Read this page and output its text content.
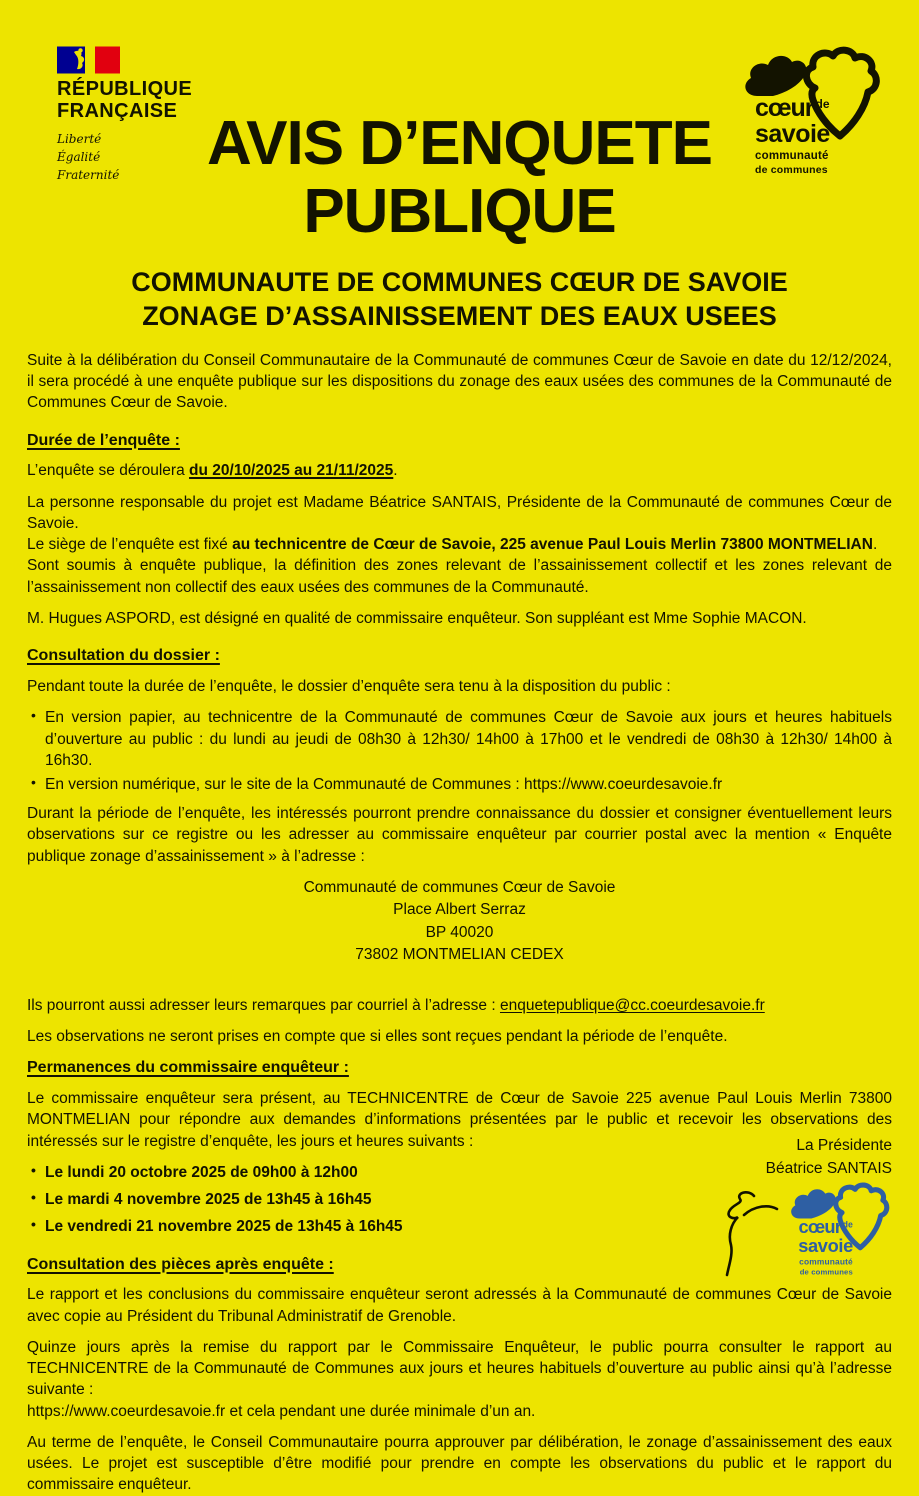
RÉPUBLIQUE
FRANÇAISE
Liberté
Égalité
Fraternité
cœur $^{de}$
savoie
communauté
de communes
AVIS D’ENQUETE
PUBLIQUE
COMMUNAUTE DE COMMUNES CŒUR DE SAVOIE
ZONAGE D’ASSAINISSEMENT DES EAUX USEES

Suite à la délibération du Conseil Communautaire de la Communauté de communes Cœur de Savoie en date du 12/12/2024, il sera procédé à une enquête publique sur les dispositions du zonage des eaux usées des communes de la Communauté de Communes Cœur de Savoie.

Durée de l’enquête :

L’enquête se déroulera du 20/10/2025 au 21/11/2025.

La personne responsable du projet est Madame Béatrice SANTAIS, Présidente de la Communauté de communes Cœur de Savoie.

Le siège de l’enquête est fixé au technicentre de Cœur de Savoie, 225 avenue Paul Louis Merlin 73800 MONTMELIAN.

Sont soumis à enquête publique, la définition des zones relevant de l’assainissement collectif et les zones relevant de l’assainissement non collectif des eaux usées des communes de la Communauté.

M. Hugues ASPORD, est désigné en qualité de commissaire enquêteur. Son suppléant est Mme Sophie MACON.

Consultation du dossier :

Pendant toute la durée de l’enquête, le dossier d’enquête sera tenu à la disposition du public :

• En version papier, au technicentre de la Communauté de communes Cœur de Savoie aux jours et heures habituels d’ouverture au public : du lundi au jeudi de 08h30 à 12h30/ 14h00 à 17h00 et le vendredi de 08h30 à 12h30/ 14h00 à 16h30.
• En version numérique, sur le site de la Communauté de Communes : https://www.coeurdesavoie.fr

Durant la période de l’enquête, les intéressés pourront prendre connaissance du dossier et consigner éventuellement leurs observations sur ce registre ou les adresser au commissaire enquêteur par courrier postal avec la mention « Enquête publique zonage d’assainissement » à l’adresse :

Communauté de communes Cœur de Savoie
Place Albert Serraz
BP 40020
73802 MONTMELIAN CEDEX

Ils pourront aussi adresser leurs remarques par courriel à l’adresse : enquetepublique@cc.coeurdesavoie.fr

Les observations ne seront prises en compte que si elles sont reçues pendant la période de l’enquête.

Permanences du commissaire enquêteur :

Le commissaire enquêteur sera présent, au TECHNICENTRE de Cœur de Savoie 225 avenue Paul Louis Merlin 73800 MONTMELIAN pour répondre aux demandes d’informations présentées par le public et recevoir les observations des intéressés sur le registre d’enquête, les jours et heures suivants :

• Le lundi 20 octobre 2025 de 09h00 à 12h00
• Le mardi 4 novembre 2025 de 13h45 à 16h45
• Le vendredi 21 novembre 2025 de 13h45 à 16h45
Consultation des pièces après enquête :

Le rapport et les conclusions du commissaire enquêteur seront adressés à la Communauté de communes Cœur de Savoie avec copie au Président du Tribunal Administratif de Grenoble.

Quinze jours après la remise du rapport par le Commissaire Enquêteur, le public pourra consulter le rapport au TECHNICENTRE de la Communauté de Communes aux jours et heures habituels d’ouverture au public ainsi qu’à l’adresse suivante :
https://www.coeurdesavoie.fr et cela pendant une durée minimale d’un an.

Au terme de l’enquête, le Conseil Communautaire pourra approuver par délibération, le zonage d’assainissement des eaux usées. Le projet est susceptible d’être modifié pour prendre en compte les observations du public et le rapport du commissaire enquêteur.

La Présidente
Béatrice SANTAIS
cœur$^{de}$
savoie
communauté
de communes
